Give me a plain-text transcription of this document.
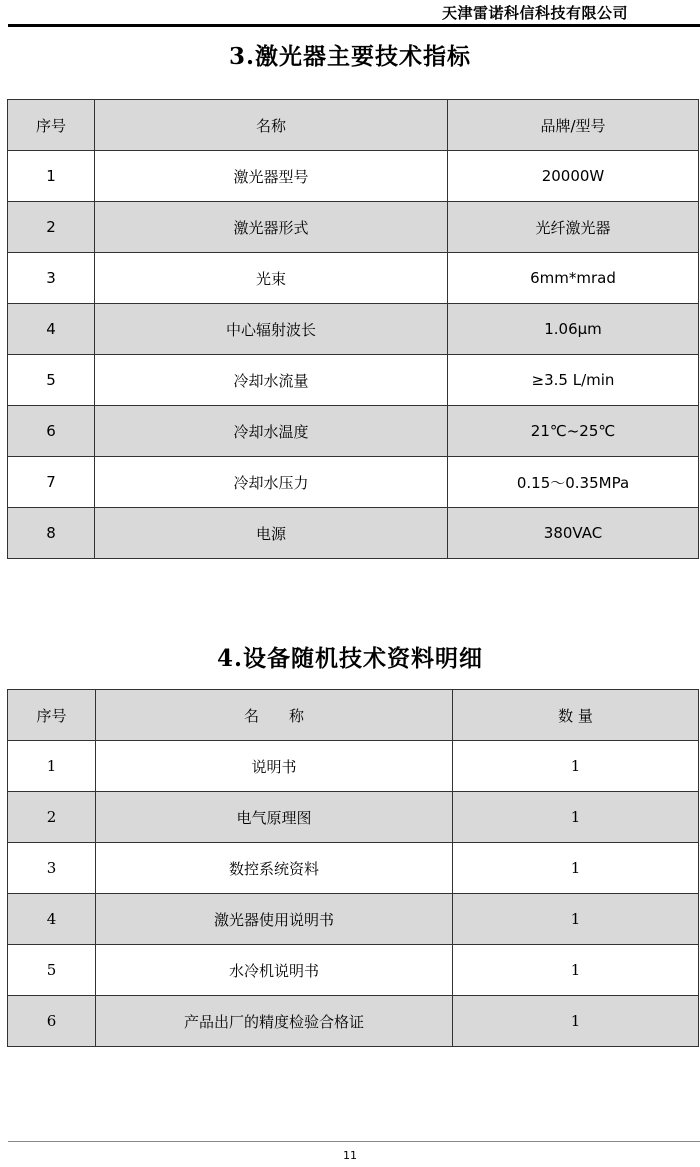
天津雷诺科信科技有限公司
3.激光器主要技术指标
序号	名称	品牌/型号
1	激光器型号	20000W
2	激光器形式	光纤激光器
3	光束	6mm*mrad
4	中心辐射波长	1.06μm
5	冷却水流量	≥3.5 L/min
6	冷却水温度	21℃~25℃
7	冷却水压力	0.15～0.35MPa
8	电源	380VAC
4.设备随机技术资料明细
序号	名　　称	数 量
1	说明书	1
2	电气原理图	1
3	数控系统资料	1
4	激光器使用说明书	1
5	水冷机说明书	1
6	产品出厂的精度检验合格证	1
11
